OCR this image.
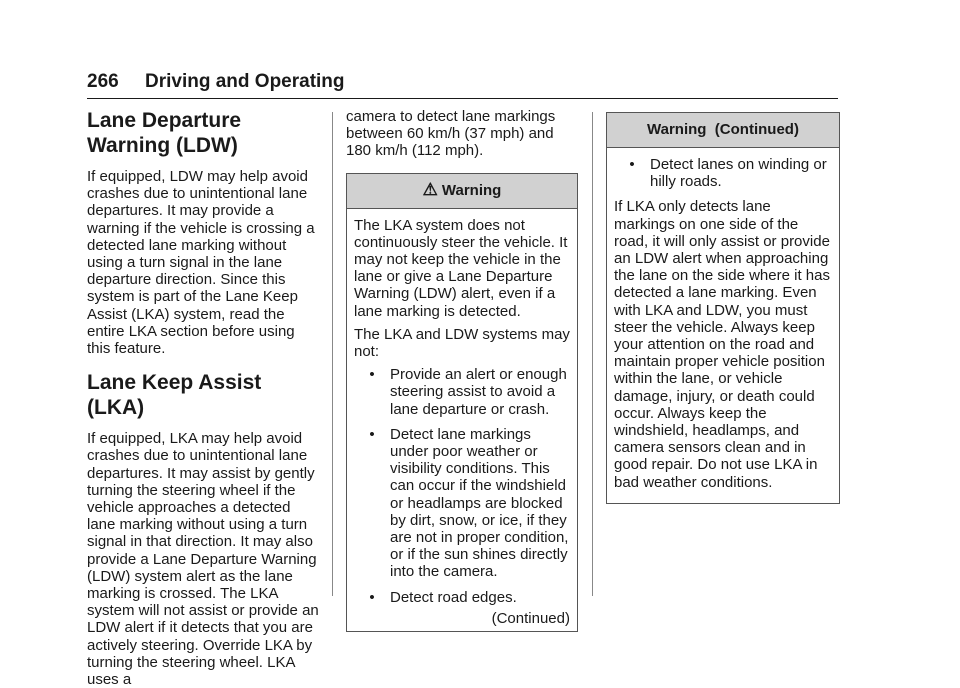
266 Driving and Operating
Lane Departure
Warning (LDW)

If equipped, LDW may help avoid crashes due to unintentional lane departures. It may provide a warning if the vehicle is crossing a detected lane marking without using a turn signal in the lane departure direction. Since this system is part of the Lane Keep Assist (LKA) system, read the entire LKA section before using this feature.

Lane Keep Assist (LKA)

If equipped, LKA may help avoid crashes due to unintentional lane departures. It may assist by gently turning the steering wheel if the vehicle approaches a detected lane marking without using a turn signal in that direction. It may also provide a Lane Departure Warning (LDW) system alert as the lane marking is crossed. The LKA system will not assist or provide an LDW alert if it detects that you are actively steering. Override LKA by turning the steering wheel. LKA uses a

camera to detect lane markings between 60 km/h (37 mph) and 180 km/h (112 mph).

⚠ Warning

The LKA system does not continuously steer the vehicle. It may not keep the vehicle in the lane or give a Lane Departure Warning (LDW) alert, even if a lane marking is detected.

The LKA and LDW systems may not:

•	Provide an alert or enough steering assist to avoid a lane departure or crash.
•	Detect lane markings under poor weather or visibility conditions. This can occur if the windshield or headlamps are blocked by dirt, snow, or ice, if they are not in proper condition, or if the sun shines directly into the camera.
•	Detect road edges.
(Continued)
Warning  (Continued)
•	Detect lanes on winding or hilly roads.

If LKA only detects lane markings on one side of the road, it will only assist or provide an LDW alert when approaching the lane on the side where it has detected a lane marking. Even with LKA and LDW, you must steer the vehicle. Always keep your attention on the road and maintain proper vehicle position within the lane, or vehicle damage, injury, or death could occur. Always keep the windshield, headlamps, and camera sensors clean and in good repair. Do not use LKA in bad weather conditions.
